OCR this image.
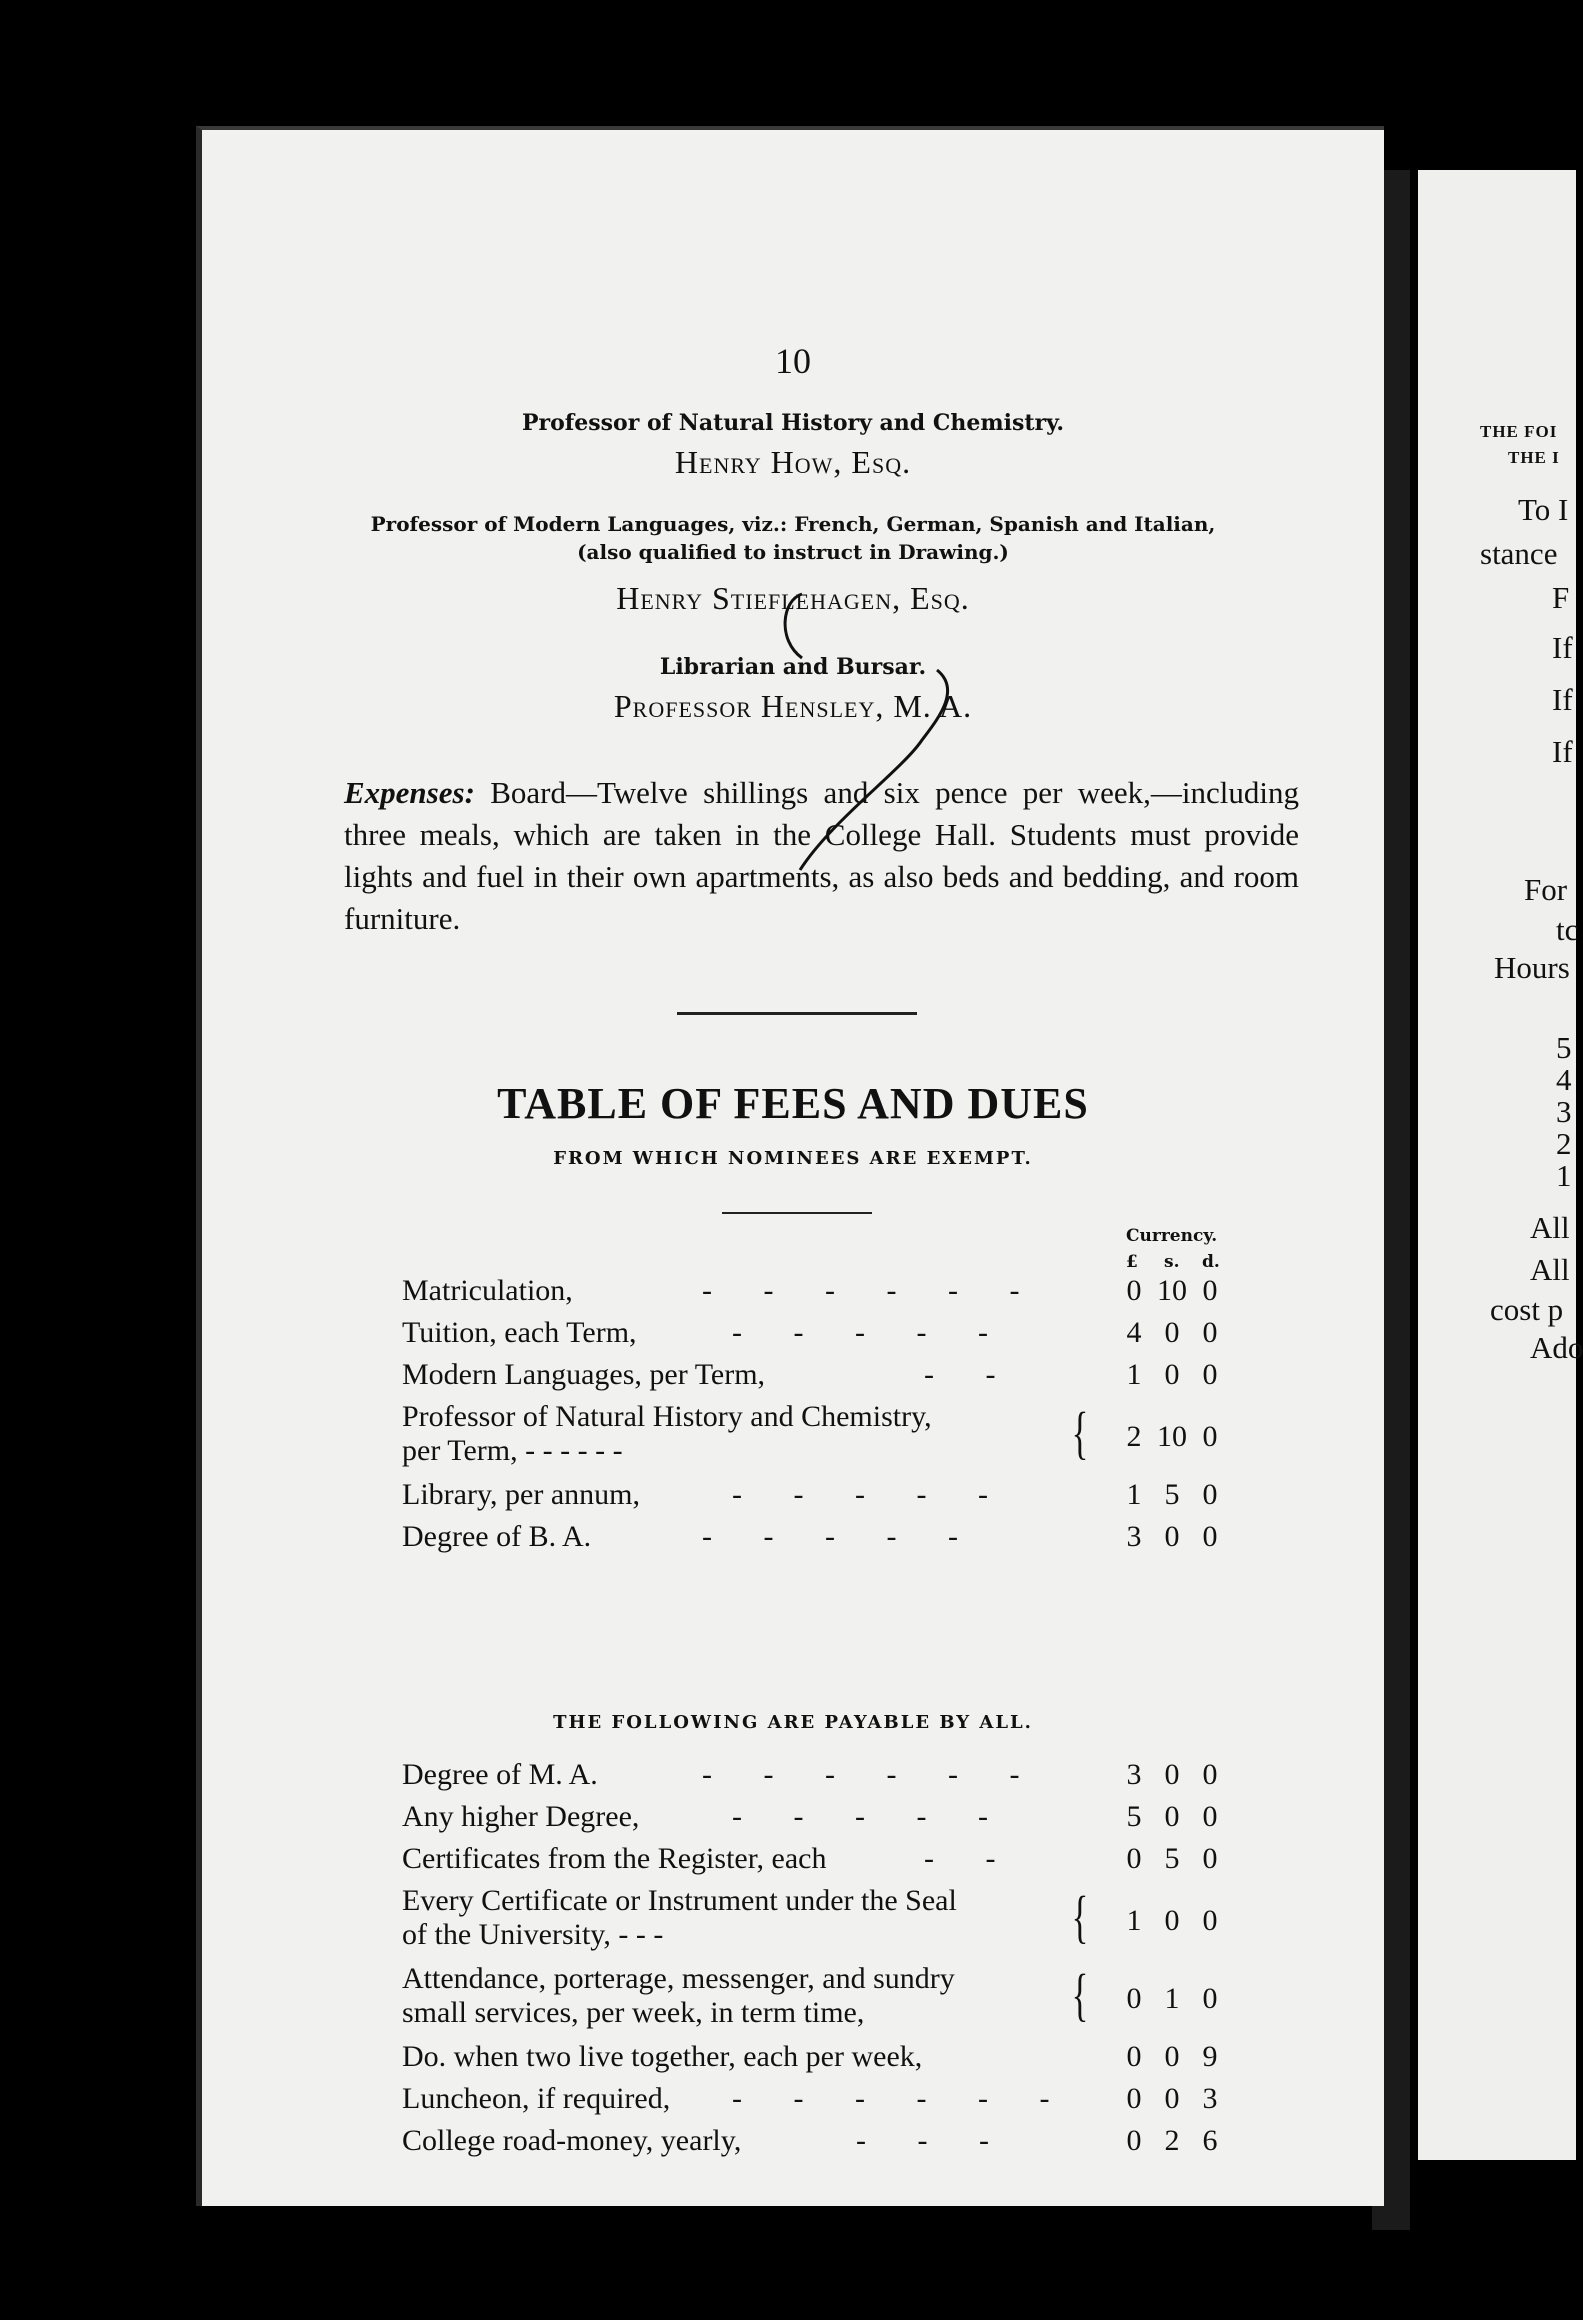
THE FOI
THE I
To I
stance
F
If
If
If
For
tc
Hours
5
4
3
2
1
All
All
cost p
Ado
10
Professor of Natural History and Chemistry.
Henry How, Esq.
Professor of Modern Languages, viz.: French, German, Spanish and Italian,
(also qualified to instruct in Drawing.)
Henry Stieflehagen, Esq.
Librarian and Bursar.
Professor Hensley, M. A.
Expenses: Board—Twelve shillings and six pence per week,—including three meals, which are taken in the College Hall. Students must provide lights and fuel in their own apartments, as also beds and bedding, and room furniture.
TABLE OF FEES AND DUES
FROM WHICH NOMINEES ARE EXEMPT.
Currency.
£ s. d.
Matriculation,	- - - - - -	0 10 0
Tuition, each Term,	- - - - -	4 0 0
Modern Languages, per Term,	- -	1 0 0
Professor of Natural History and Chemistry,
per Term, - - - - - -	{	2 10 0
Library, per annum,	- - - - -	1 5 0
Degree of B. A.	- - - - -	3 0 0
THE FOLLOWING ARE PAYABLE BY ALL.
Degree of M. A.	- - - - - -	3 0 0
Any higher Degree,	- - - - -	5 0 0
Certificates from the Register, each	- -	0 5 0
Every Certificate or Instrument under the Seal
of the University, - - -	{	1 0 0
Attendance, porterage, messenger, and sundry
small services, per week, in term time,	{	0 1 0
Do. when two live together, each per week,	0 0 9
Luncheon, if required, - - - - - -	0 0 3
College road-money, yearly,	- - -	0 2 6
